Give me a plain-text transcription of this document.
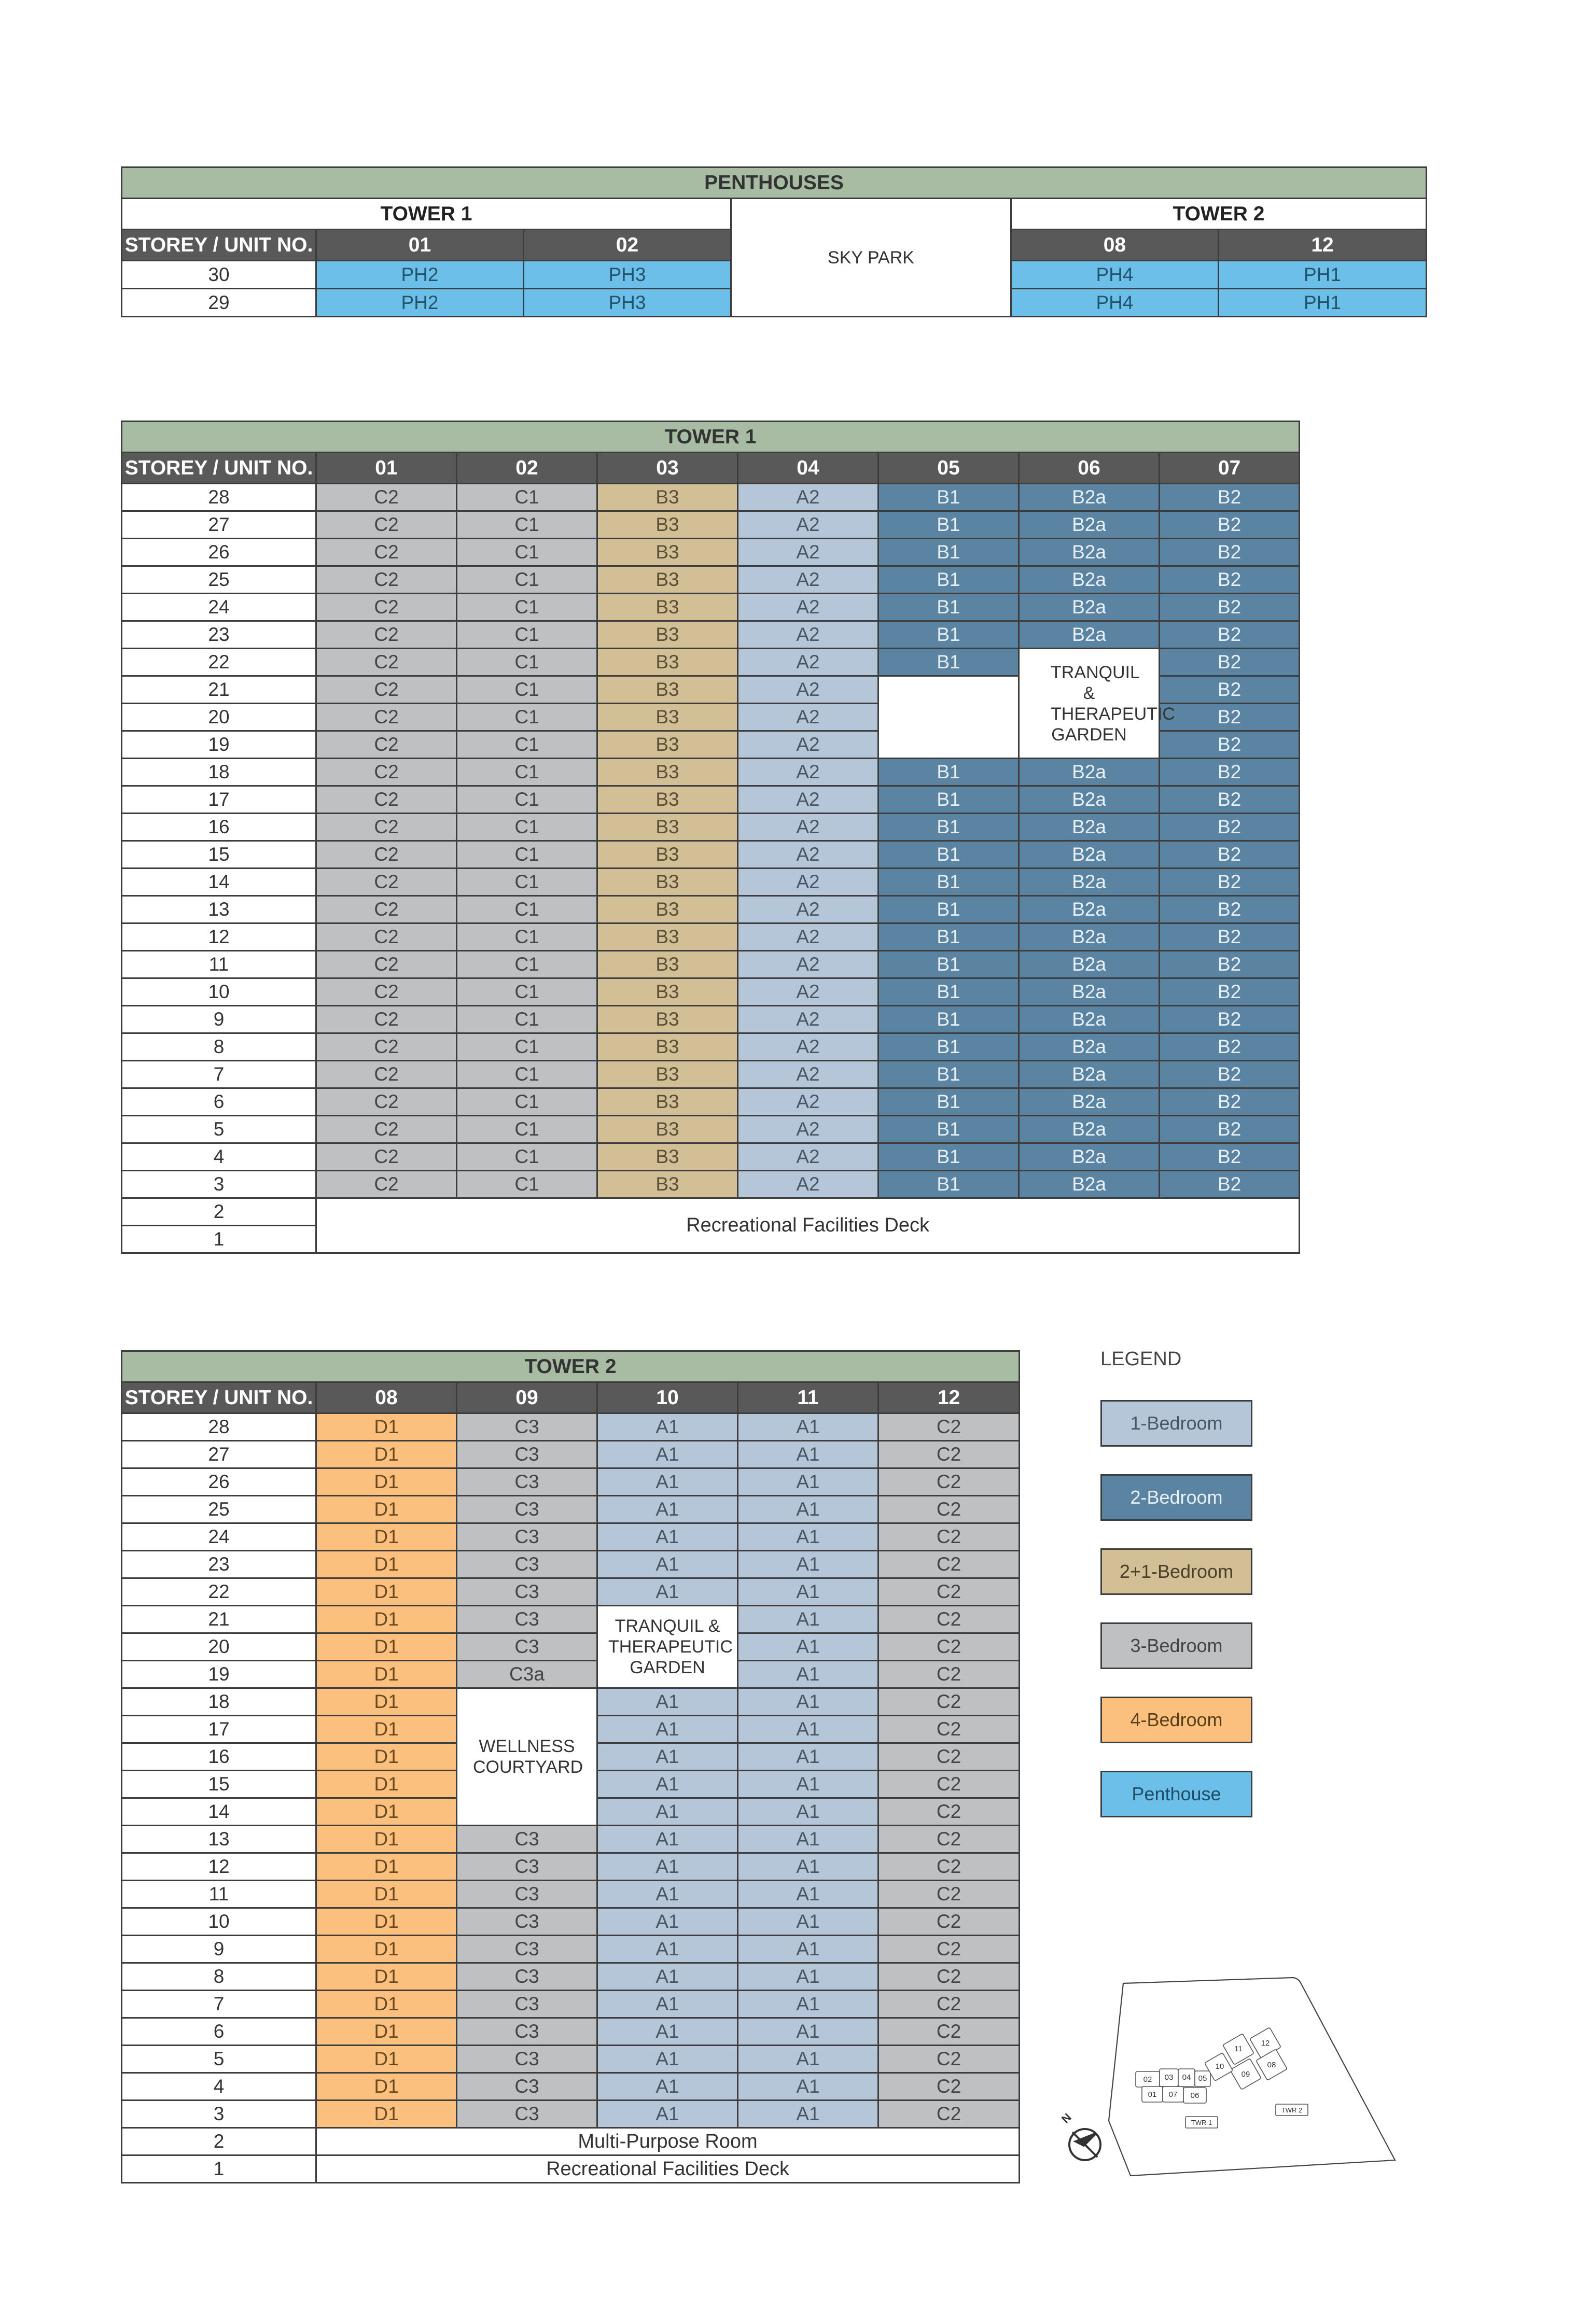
PENTHOUSES					
TOWER 1			SKY PARK	TOWER 2	
STOREY / UNIT NO.	01	02		08	12
30	PH2	PH3		PH4	PH1
29	PH2	PH3		PH4	PH1
TOWER 1							
STOREY / UNIT NO.	01	02	03	04	05	06	07
28	C2	C1	B3	A2	B1	B2a	B2
27	C2	C1	B3	A2	B1	B2a	B2
26	C2	C1	B3	A2	B1	B2a	B2
25	C2	C1	B3	A2	B1	B2a	B2
24	C2	C1	B3	A2	B1	B2a	B2
23	C2	C1	B3	A2	B1	B2a	B2
22	C2	C1	B3	A2	B1	TRANQUIL & THERAPEUTIC GARDEN	B2
21	C2	C1	B3	A2			B2
20	C2	C1	B3	A2			B2
19	C2	C1	B3	A2			B2
18	C2	C1	B3	A2	B1	B2a	B2
17	C2	C1	B3	A2	B1	B2a	B2
16	C2	C1	B3	A2	B1	B2a	B2
15	C2	C1	B3	A2	B1	B2a	B2
14	C2	C1	B3	A2	B1	B2a	B2
13	C2	C1	B3	A2	B1	B2a	B2
12	C2	C1	B3	A2	B1	B2a	B2
11	C2	C1	B3	A2	B1	B2a	B2
10	C2	C1	B3	A2	B1	B2a	B2
9	C2	C1	B3	A2	B1	B2a	B2
8	C2	C1	B3	A2	B1	B2a	B2
7	C2	C1	B3	A2	B1	B2a	B2
6	C2	C1	B3	A2	B1	B2a	B2
5	C2	C1	B3	A2	B1	B2a	B2
4	C2	C1	B3	A2	B1	B2a	B2
3	C2	C1	B3	A2	B1	B2a	B2
2	Recreational Facilities Deck						
1							
TOWER 2					
STOREY / UNIT NO.	08	09	10	11	12
28	D1	C3	A1	A1	C2
27	D1	C3	A1	A1	C2
26	D1	C3	A1	A1	C2
25	D1	C3	A1	A1	C2
24	D1	C3	A1	A1	C2
23	D1	C3	A1	A1	C2
22	D1	C3	A1	A1	C2
21	D1	C3	TRANQUIL & THERAPEUTIC GARDEN	A1	C2
20	D1	C3		A1	C2
19	D1	C3a		A1	C2
18	D1	WELLNESS COURTYARD	A1	A1	C2
17	D1		A1	A1	C2
16	D1		A1	A1	C2
15	D1		A1	A1	C2
14	D1		A1	A1	C2
13	D1	C3	A1	A1	C2
12	D1	C3	A1	A1	C2
11	D1	C3	A1	A1	C2
10	D1	C3	A1	A1	C2
9	D1	C3	A1	A1	C2
8	D1	C3	A1	A1	C2
7	D1	C3	A1	A1	C2
6	D1	C3	A1	A1	C2
5	D1	C3	A1	A1	C2
4	D1	C3	A1	A1	C2
3	D1	C3	A1	A1	C2
2	Multi-Purpose Room				
1	Recreational Facilities Deck				
LEGEND
1-Bedroom
2-Bedroom
2+1-Bedroom
3-Bedroom
4-Bedroom
Penthouse
02 03 04 05
01 07 06
12
08
09
10
11
TWR 1
TWR 2
N
